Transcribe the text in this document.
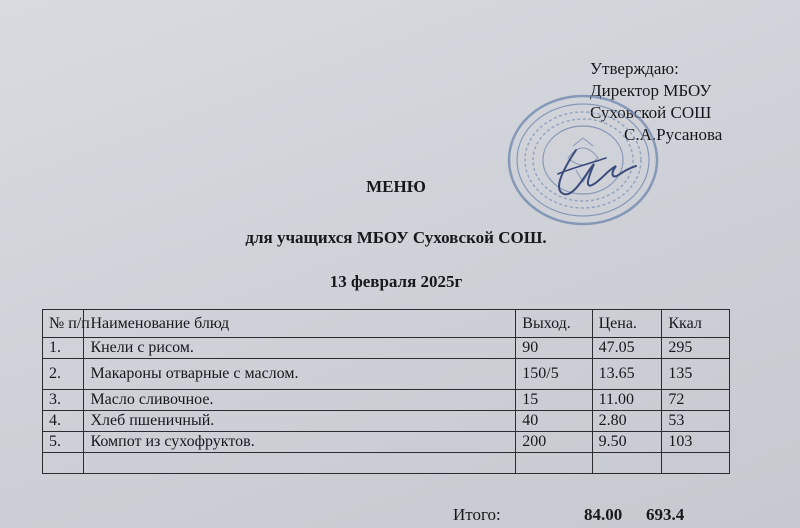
Утверждаю:
Директор МБОУ
Суховской СОШ
С.А.Русанова
МЕНЮ
для учащихся МБОУ Суховской СОШ.
13 февраля 2025г
№ п/п	Наименование блюд	Выход.	Цена.	Ккал
1.	Кнели с рисом.	90	47.05	295
2.	Макароны отварные с маслом.	150/5	13.65	135
3.	Масло сливочное.	15	11.00	72
4.	Хлеб пшеничный.	40	2.80	53
5.	Компот из сухофруктов.	200	9.50	103

Итого:	84.00 693.4
